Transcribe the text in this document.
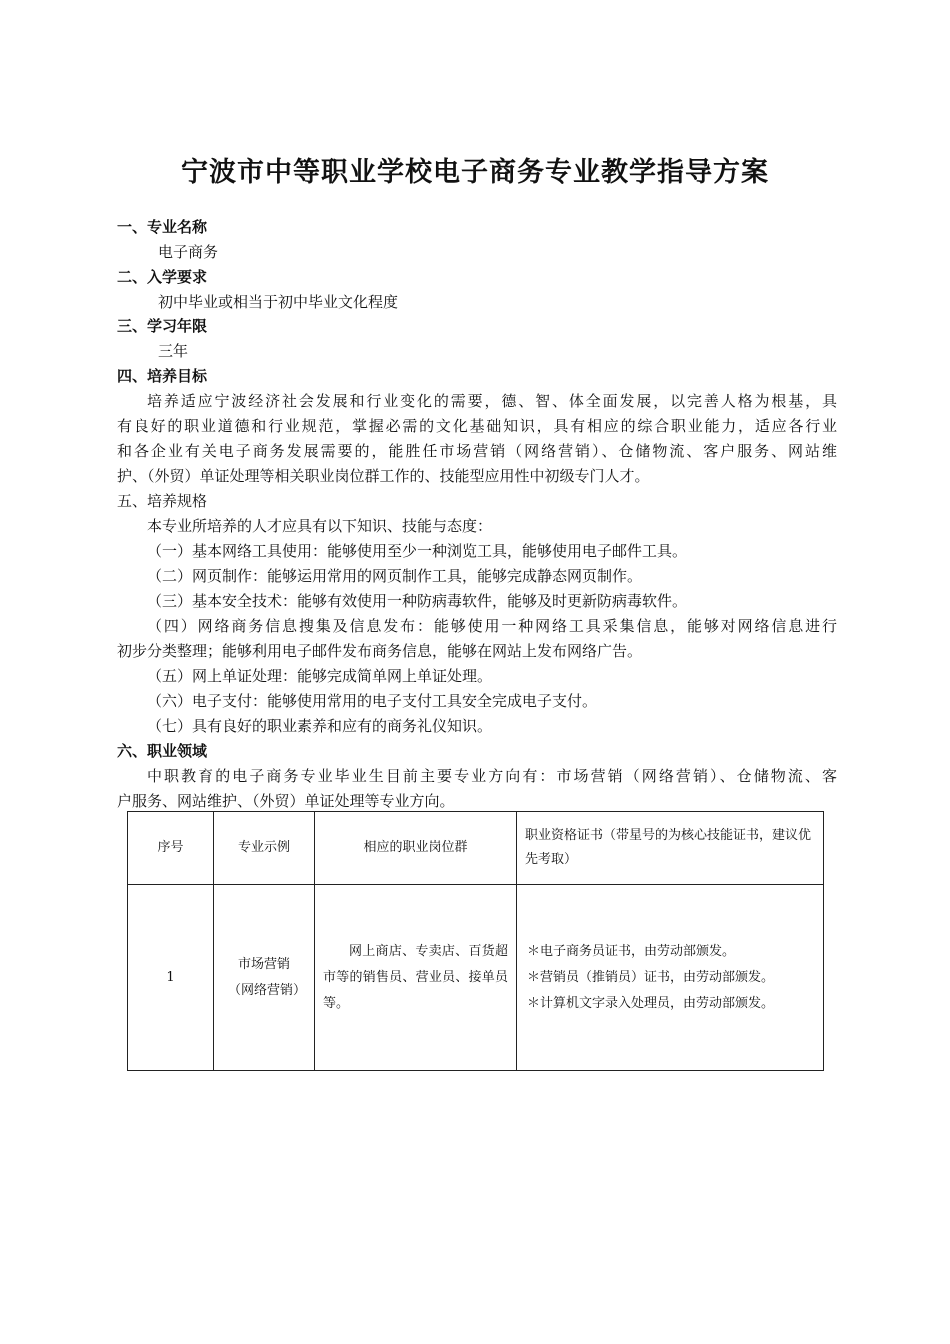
宁波市中等职业学校电子商务专业教学指导方案
一、专业名称
电子商务
二、入学要求
初中毕业或相当于初中毕业文化程度
三、学习年限
三年
四、培养目标
培养适应宁波经济社会发展和行业变化的需要，德、智、体全面发展，以完善人格为根基，具
有良好的职业道德和行业规范，掌握必需的文化基础知识，具有相应的综合职业能力，适应各行业
和各企业有关电子商务发展需要的，能胜任市场营销（网络营销）、仓储物流、客户服务、网站维
护、（外贸）单证处理等相关职业岗位群工作的、技能型应用性中初级专门人才。
五、培养规格
本专业所培养的人才应具有以下知识、技能与态度：
（一）基本网络工具使用：能够使用至少一种浏览工具，能够使用电子邮件工具。
（二）网页制作：能够运用常用的网页制作工具，能够完成静态网页制作。
（三）基本安全技术：能够有效使用一种防病毒软件，能够及时更新防病毒软件。
（四）网络商务信息搜集及信息发布：能够使用一种网络工具采集信息，能够对网络信息进行
初步分类整理；能够利用电子邮件发布商务信息，能够在网站上发布网络广告。
（五）网上单证处理：能够完成简单网上单证处理。
（六）电子支付：能够使用常用的电子支付工具安全完成电子支付。
（七）具有良好的职业素养和应有的商务礼仪知识。
六、职业领域
中职教育的电子商务专业毕业生目前主要专业方向有：市场营销（网络营销）、仓储物流、客
户服务、网站维护、（外贸）单证处理等专业方向。
序号	专业示例	相应的职业岗位群	职业资格证书（带星号的为核心技能证书，建议优先考取）
1	市场营销（网络营销）	网上商店、专卖店、百货超市等的销售员、营业员、接单员等。	＊电子商务员证书，由劳动部颁发。
＊营销员（推销员）证书，由劳动部颁发。
＊计算机文字录入处理员，由劳动部颁发。
